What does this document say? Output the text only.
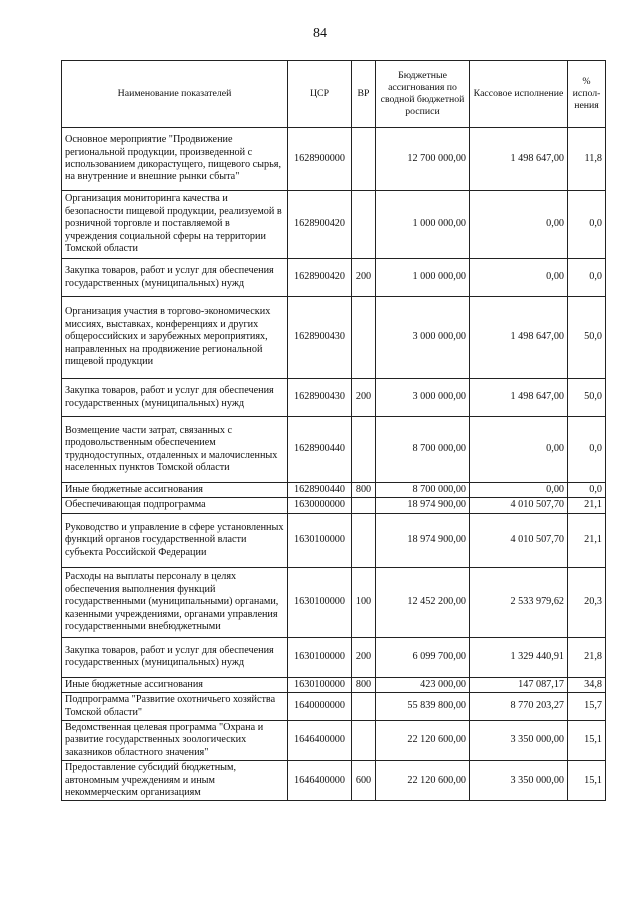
84
Наименование показателей	ЦСР	ВР	Бюджетные ассигнования по сводной бюджетной росписи	Кассовое исполнение	% испол-нения
Основное мероприятие "Продвижение региональной продукции, произведенной с использованием дикорастущего, пищевого сырья, на внутренние и внешние рынки сбыта"	1628900000		12 700 000,00	1 498 647,00	11,8
Организация мониторинга качества и безопасности пищевой продукции, реализуемой в розничной торговле и поставляемой в учреждения социальной сферы на территории Томской области	1628900420		1 000 000,00	0,00	0,0
Закупка товаров, работ и услуг для обеспечения государственных (муниципальных) нужд	1628900420	200	1 000 000,00	0,00	0,0
Организация участия в торгово-экономических миссиях, выставках, конференциях и других общероссийских и зарубежных мероприятиях, направленных на продвижение региональной пищевой продукции	1628900430		3 000 000,00	1 498 647,00	50,0
Закупка товаров, работ и услуг для обеспечения государственных (муниципальных) нужд	1628900430	200	3 000 000,00	1 498 647,00	50,0
Возмещение части затрат, связанных с продовольственным обеспечением труднодоступных, отдаленных и малочисленных населенных пунктов Томской области	1628900440		8 700 000,00	0,00	0,0
Иные бюджетные ассигнования	1628900440	800	8 700 000,00	0,00	0,0
Обеспечивающая подпрограмма	1630000000		18 974 900,00	4 010 507,70	21,1
Руководство и управление в сфере установленных функций органов государственной власти субъекта Российской Федерации	1630100000		18 974 900,00	4 010 507,70	21,1
Расходы на выплаты персоналу в целях обеспечения выполнения функций государственными (муниципальными) органами, казенными учреждениями, органами управления государственными внебюджетными	1630100000	100	12 452 200,00	2 533 979,62	20,3
Закупка товаров, работ и услуг для обеспечения государственных (муниципальных) нужд	1630100000	200	6 099 700,00	1 329 440,91	21,8
Иные бюджетные ассигнования	1630100000	800	423 000,00	147 087,17	34,8
Подпрограмма "Развитие охотничьего хозяйства Томской области"	1640000000		55 839 800,00	8 770 203,27	15,7
Ведомственная целевая программа "Охрана и развитие государственных зоологических заказников областного значения"	1646400000		22 120 600,00	3 350 000,00	15,1
Предоставление субсидий бюджетным, автономным учреждениям и иным некоммерческим организациям	1646400000	600	22 120 600,00	3 350 000,00	15,1
